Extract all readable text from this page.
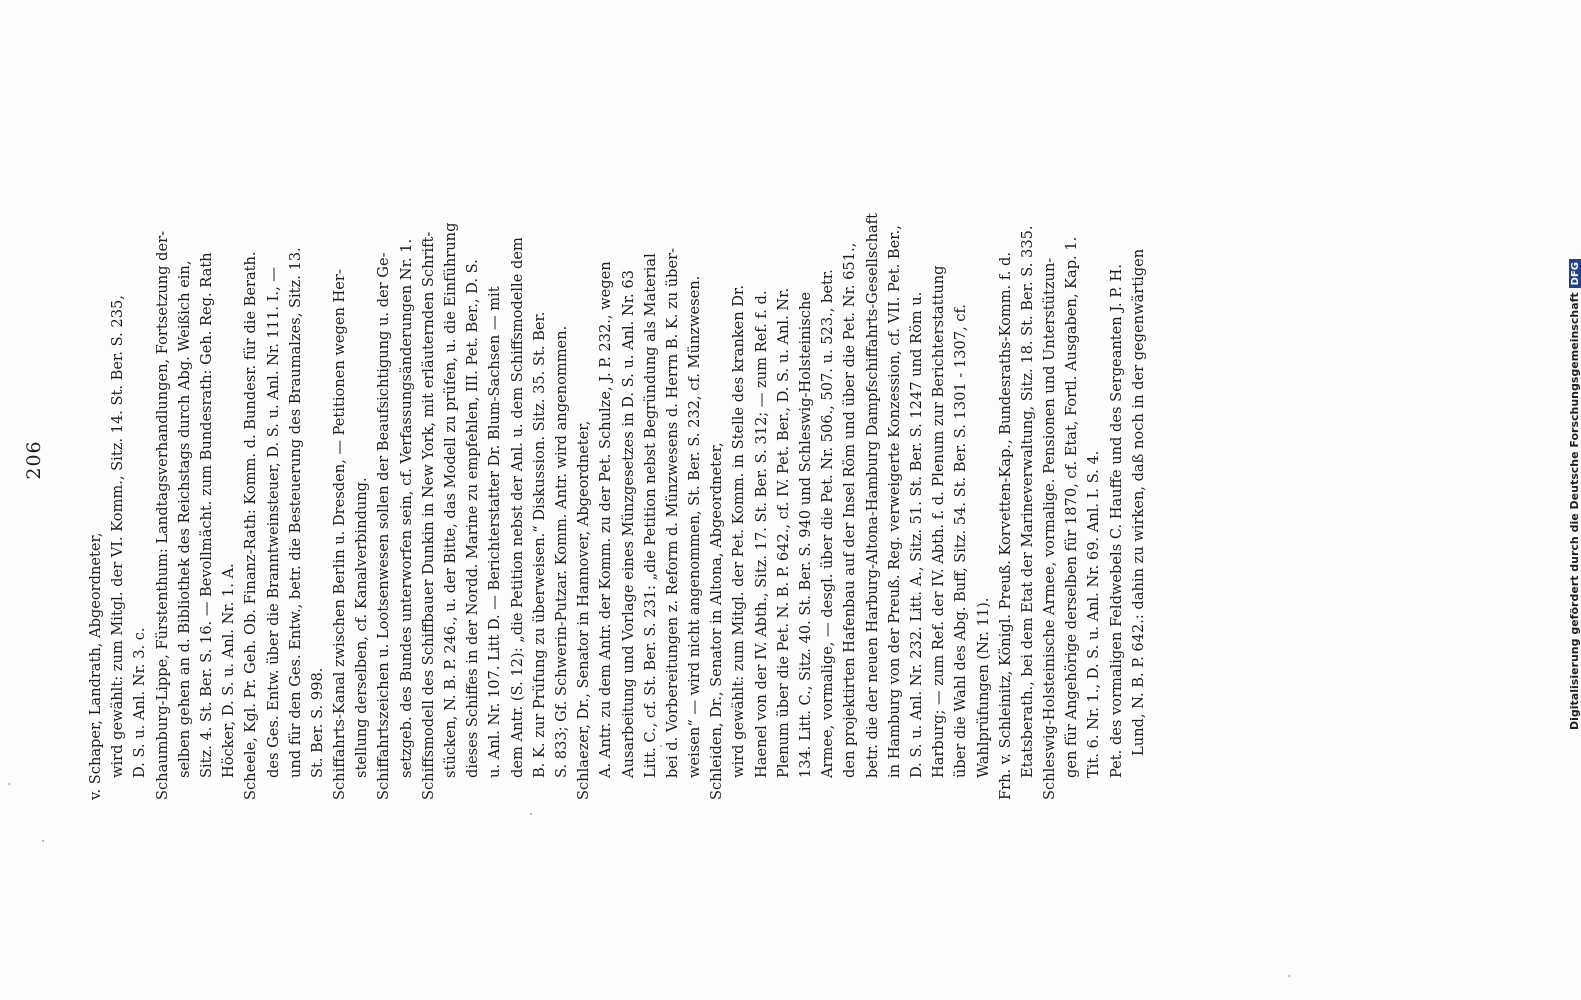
206
v. Schaper, Landrath, Abgeordneter, wird gewählt: zum Mitgl. der VI. Komm., Sitz. 14. St. Ber. S. 235, D. S. u. Anl. Nr. 3. c. Schaumburg-Lippe, Fürstenthum: Landtagsverhandlungen, Fortsetzung der- selben gehen an d. Bibliothek des Reichstags durch Abg. Weißich ein, Sitz. 4. St. Ber. S. 16. — Bevollmächt. zum Bundesrath: Geh. Reg. Rath Höcker, D. S. u. Anl. Nr. 1. A. Scheele, Kgl. Pr. Geh. Ob. Finanz-Rath: Komm. d. Bundesr. für die Berath. des Ges. Entw. über die Branntweinsteuer, D. S. u. Anl. Nr. 111. I., — und für den Ges. Entw., betr. die Besteuerung des Braumalzes, Sitz. 13. St. Ber. S. 998. Schiffahrts-Kanal zwischen Berlin u. Dresden, — Petitionen wegen Her- stellung derselben, cf. Kanalverbindung. Schiffahrtszeichen u. Lootsenwesen sollen der Beaufsichtigung u. der Ge- setzgeb. des Bundes unterworfen sein, cf. Verfassungsänderungen Nr. 1. Schiffsmodell des Schiffbauer Dunkin in New York, mit erläuternden Schrift- stücken, N. B. P. 246., u. der Bitte, das Modell zu prüfen, u. die Einführung dieses Schiffes in der Nordd. Marine zu empfehlen, III. Pet. Ber., D. S. u. Anl. Nr. 107. Litt D. — Berichterstatter Dr. Blum-Sachsen — mit dem Antr. (S. 12): „die Petition nebst der Anl. u. dem Schiffsmodelle dem B. K. zur Prüfung zu überweisen.“ Diskussion. Sitz. 35. St. Ber. S. 833; Gf. Schwerin-Putzar. Komm. Antr. wird angenommen. Schlaezer, Dr., Senator in Hannover, Abgeordneter, A. Antr. zu dem Antr. der Komm. zu der Pet. Schulze, J. P. 232., wegen Ausarbeitung und Vorlage eines Münzgesetzes in D. S. u. Anl. Nr. 63 Litt. C., cf. St. Ber. S. 231: „die Petition nebst Begründung als Material bei d. Vorbereitungen z. Reform d. Münzwesens d. Herrn B. K. zu über- weisen“ — wird nicht angenommen, St. Ber. S. 232, cf. Münzwesen. Schleiden, Dr., Senator in Altona, Abgeordneter, wird gewählt: zum Mitgl. der Pet. Komm. in Stelle des kranken Dr. Haenel von der IV. Abth., Sitz. 17. St. Ber. S. 312; — zum Ref. f. d. Plenum über die Pet. N. B. P. 642., cf. IV. Pet. Ber., D. S. u. Anl. Nr. 134. Litt. C., Sitz. 40. St. Ber. S. 940 und Schleswig-Holsteinische Armee, vormalige, — desgl. über die Pet. Nr. 506., 507. u. 523., betr. den projektirten Hafenbau auf der Insel Röm und über die Pet. Nr. 651., betr. die der neuen Harburg-Altona-Hamburg Dampfschiffahrts-Gesellschaft in Hamburg von der Preuß. Reg. verweigerte Konzession, cf. VII. Pet. Ber., D. S. u. Anl. Nr. 232. Litt. A., Sitz. 51. St. Ber. S. 1247 und Röm u. Harburg; — zum Ref. der IV. Abth. f. d. Plenum zur Berichterstattung über die Wahl des Abg. Buff, Sitz. 54. St. Ber. S. 1301 - 1307, cf. Wahlprüfungen (Nr. 11). Frh. v. Schleinitz, Königl. Preuß. Korvetten-Kap., Bundesraths-Komm. f. d. Etatsberath., bei dem Etat der Marineverwaltung, Sitz. 18. St. Ber. S. 335. Schleswig-Holsteinische Armee, vormalige. Pensionen und Unterstützun- gen für Angehörige derselben für 1870, cf. Etat, Fortl. Ausgaben, Kap. 1. Tit. 6. Nr. 1., D. S. u. Anl. Nr. 69. Anl. I. S. 4. Pet. des vormaligen Feldwebels C. Hauffe und des Sergeanten J. P. H. Lund, N. B. P. 642.: dahin zu wirken, daß noch in der gegenwärtigen	Digitalisierung gefördert durch die Deutsche ForschungsgemeinschaftDFG
